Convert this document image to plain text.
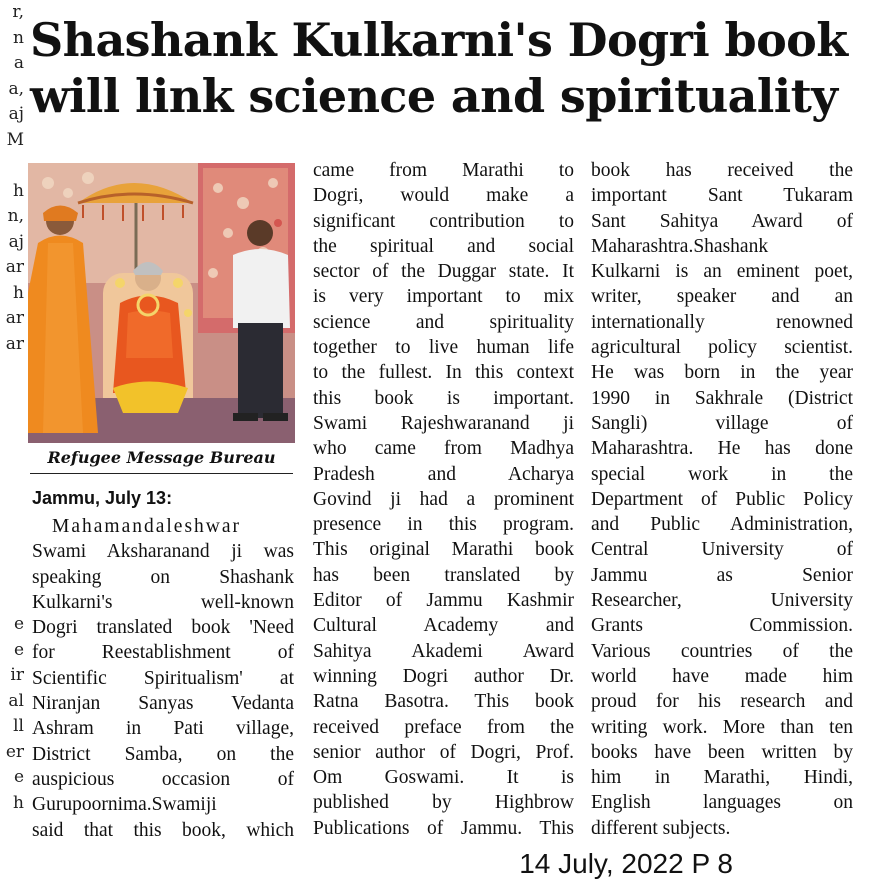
r,
n
a
a,
aj
M
h
n,
aj
ar
h
ar
ar
e
e
ir
al
ll
er
e
h
Shashank Kulkarni's Dogri book
will link science and spirituality
Refugee Message Bureau
Jammu, July 13:
Mahamandaleshwar
Swami Aksharanand ji was
speaking on Shashank
Kulkarni's well-known
Dogri translated book 'Need
for Reestablishment of
Scientific Spiritualism' at
Niranjan Sanyas Vedanta
Ashram in Pati village,
District Samba, on the
auspicious occasion of
Gurupoornima.Swamiji
said that this book, which
came from Marathi to
Dogri, would make a
significant contribution to
the spiritual and social
sector of the Duggar state. It
is very important to mix
science and spirituality
together to live human life
to the fullest. In this context
this book is important.
Swami Rajeshwaranand ji
who came from Madhya
Pradesh and Acharya
Govind ji had a prominent
presence in this program.
This original Marathi book
has been translated by
Editor of Jammu Kashmir
Cultural Academy and
Sahitya Akademi Award
winning Dogri author Dr.
Ratna Basotra. This book
received preface from the
senior author of Dogri, Prof.
Om Goswami. It is
published by Highbrow
Publications of Jammu. This
book has received the
important Sant Tukaram
Sant Sahitya Award of
Maharashtra.Shashank
Kulkarni is an eminent poet,
writer, speaker and an
internationally renowned
agricultural policy scientist.
He was born in the year
1990 in Sakhrale (District
Sangli) village of
Maharashtra. He has done
special work in the
Department of Public Policy
and Public Administration,
Central University of
Jammu as Senior
Researcher, University
Grants Commission.
Various countries of the
world have made him
proud for his research and
writing work. More than ten
books have been written by
him in Marathi, Hindi,
English languages on
different subjects.
14 July, 2022 P 8
